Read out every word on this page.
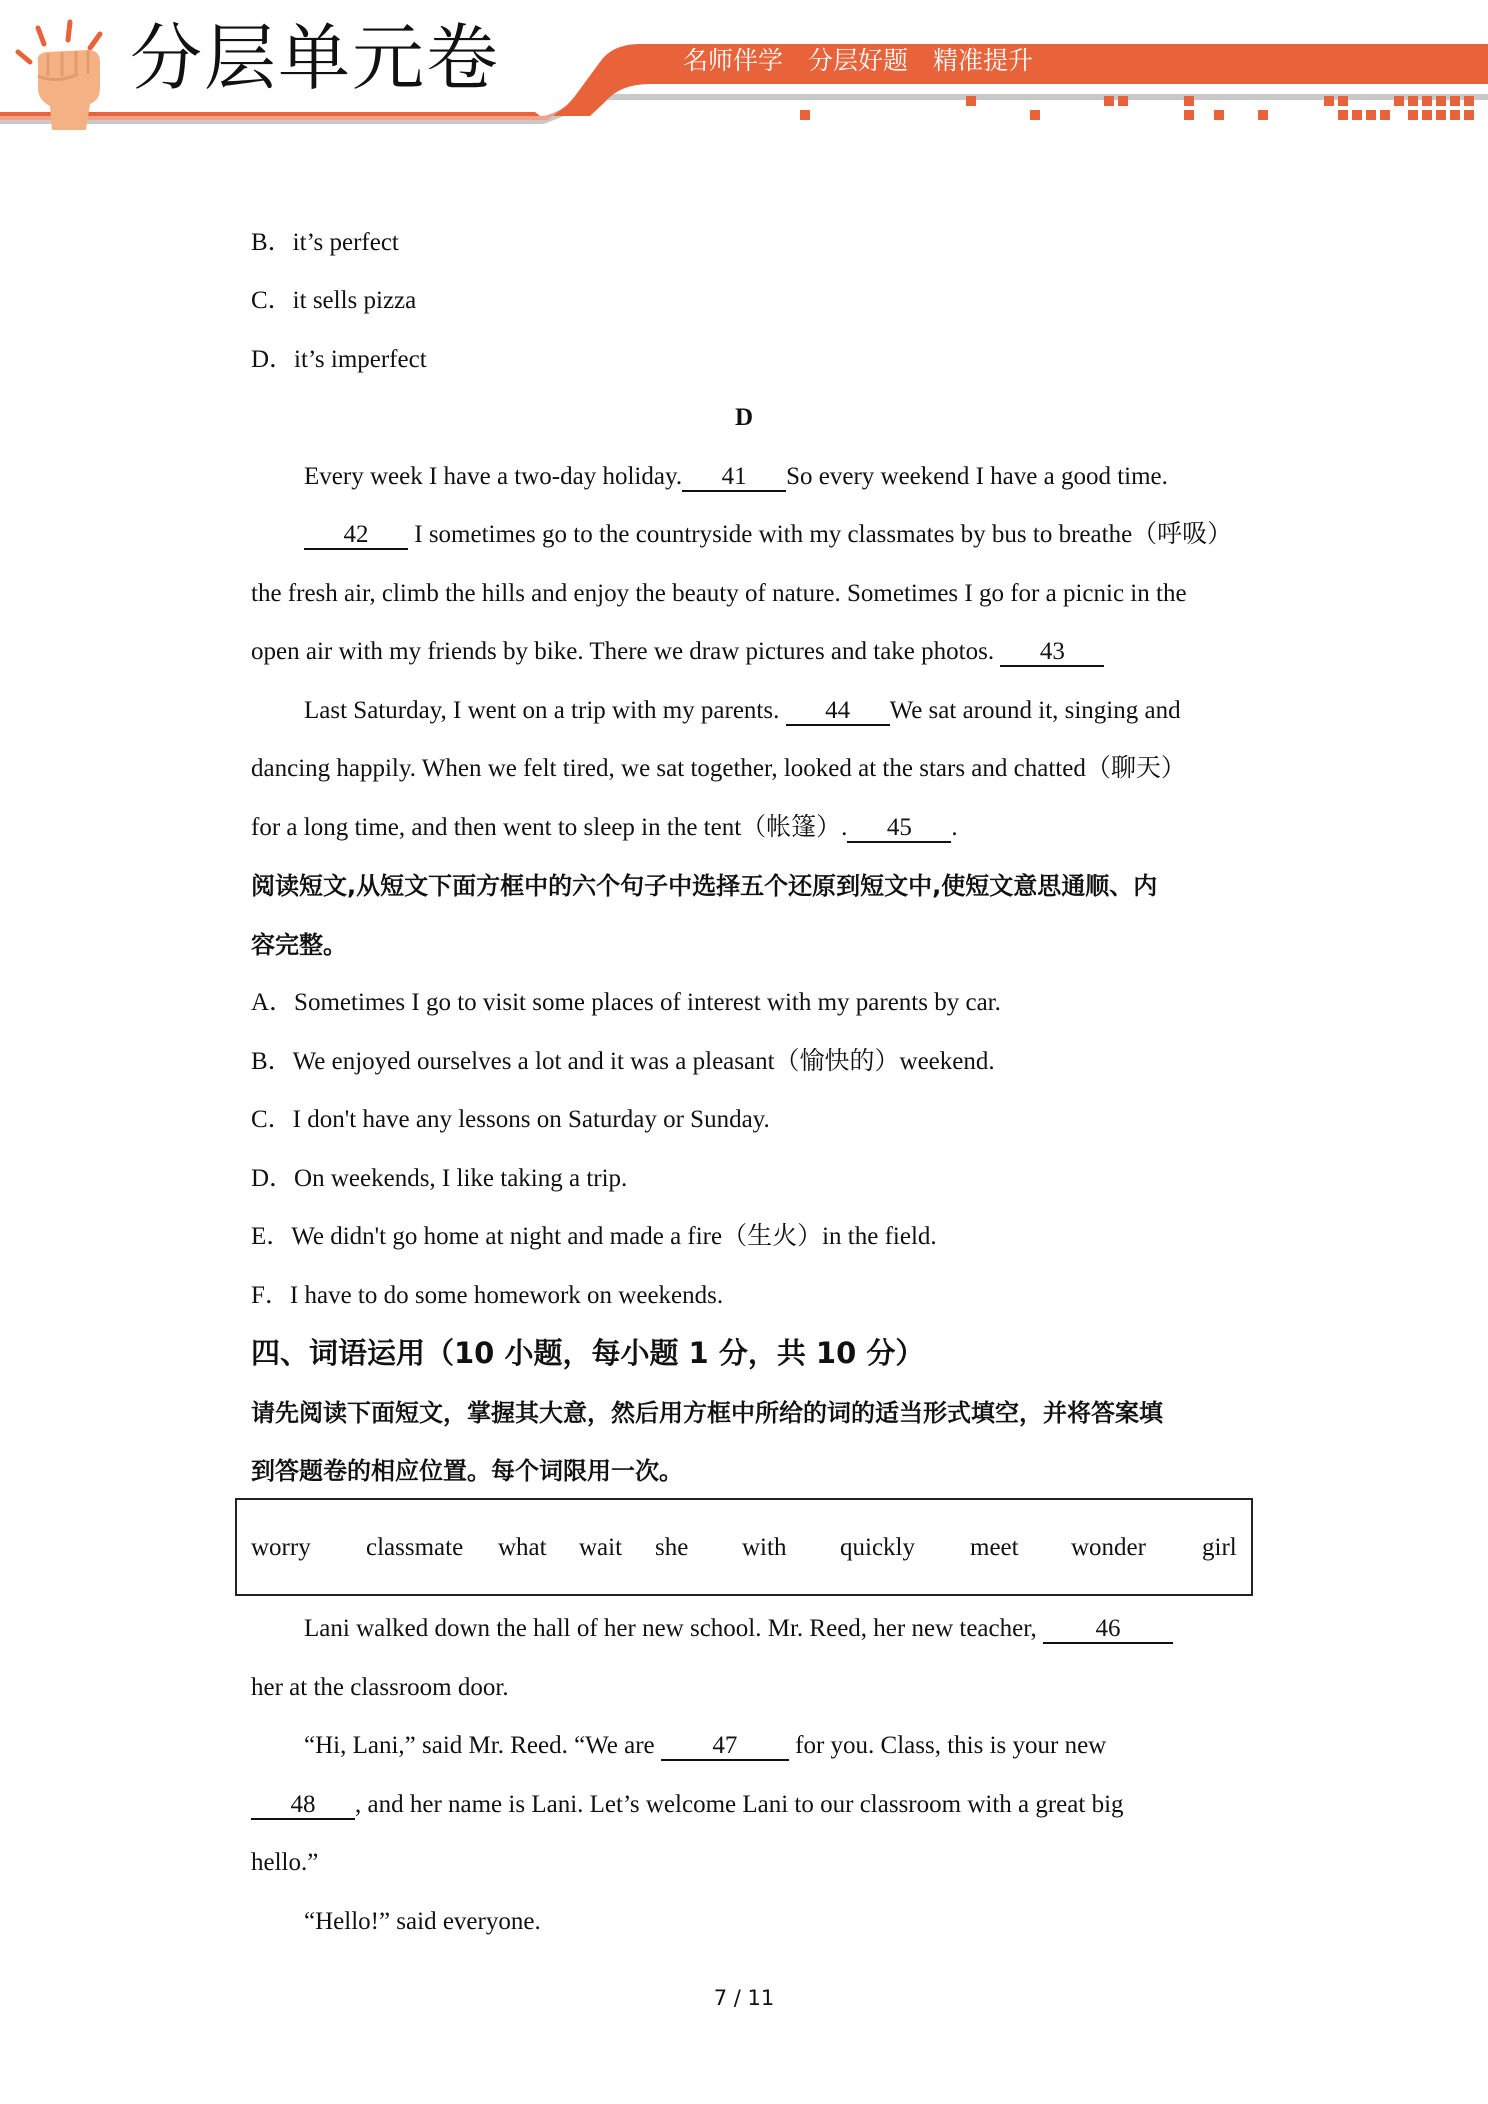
分层单元卷	名师伴学 分层好题 精准提升
B．it’s perfect
C．it sells pizza
D．it’s imperfect
D
Every week I have a two-day holiday. 41 So every weekend I have a good time.
42 I sometimes go to the countryside with my classmates by bus to breathe（呼吸）
the fresh air, climb the hills and enjoy the beauty of nature. Sometimes I go for a picnic in the
open air with my friends by bike. There we draw pictures and take photos. 43
Last Saturday, I went on a trip with my parents. 44 We sat around it, singing and
dancing happily. When we felt tired, we sat together, looked at the stars and chatted（聊天）
for a long time, and then went to sleep in the tent（帐篷）. 45 .
阅读短文,从短文下面方框中的六个句子中选择五个还原到短文中,使短文意思通顺、内
容完整。
A．Sometimes I go to visit some places of interest with my parents by car.
B．We enjoyed ourselves a lot and it was a pleasant（愉快的）weekend.
C．I don't have any lessons on Saturday or Sunday.
D．On weekends, I like taking a trip.
E．We didn't go home at night and made a fire（生火）in the field.
F．I have to do some homework on weekends.
四、词语运用（10 小题，每小题 1 分，共 10 分）
请先阅读下面短文，掌握其大意，然后用方框中所给的词的适当形式填空，并将答案填
到答题卷的相应位置。每个词限用一次。
worry classmate what wait she with quickly meet wonder girl
Lani walked down the hall of her new school. Mr. Reed, her new teacher, 46
her at the classroom door.
“Hi, Lani,” said Mr. Reed. “We are 47 for you. Class, this is your new
48 , and her name is Lani. Let’s welcome Lani to our classroom with a great big
hello.”
“Hello!” said everyone.
7 / 11
